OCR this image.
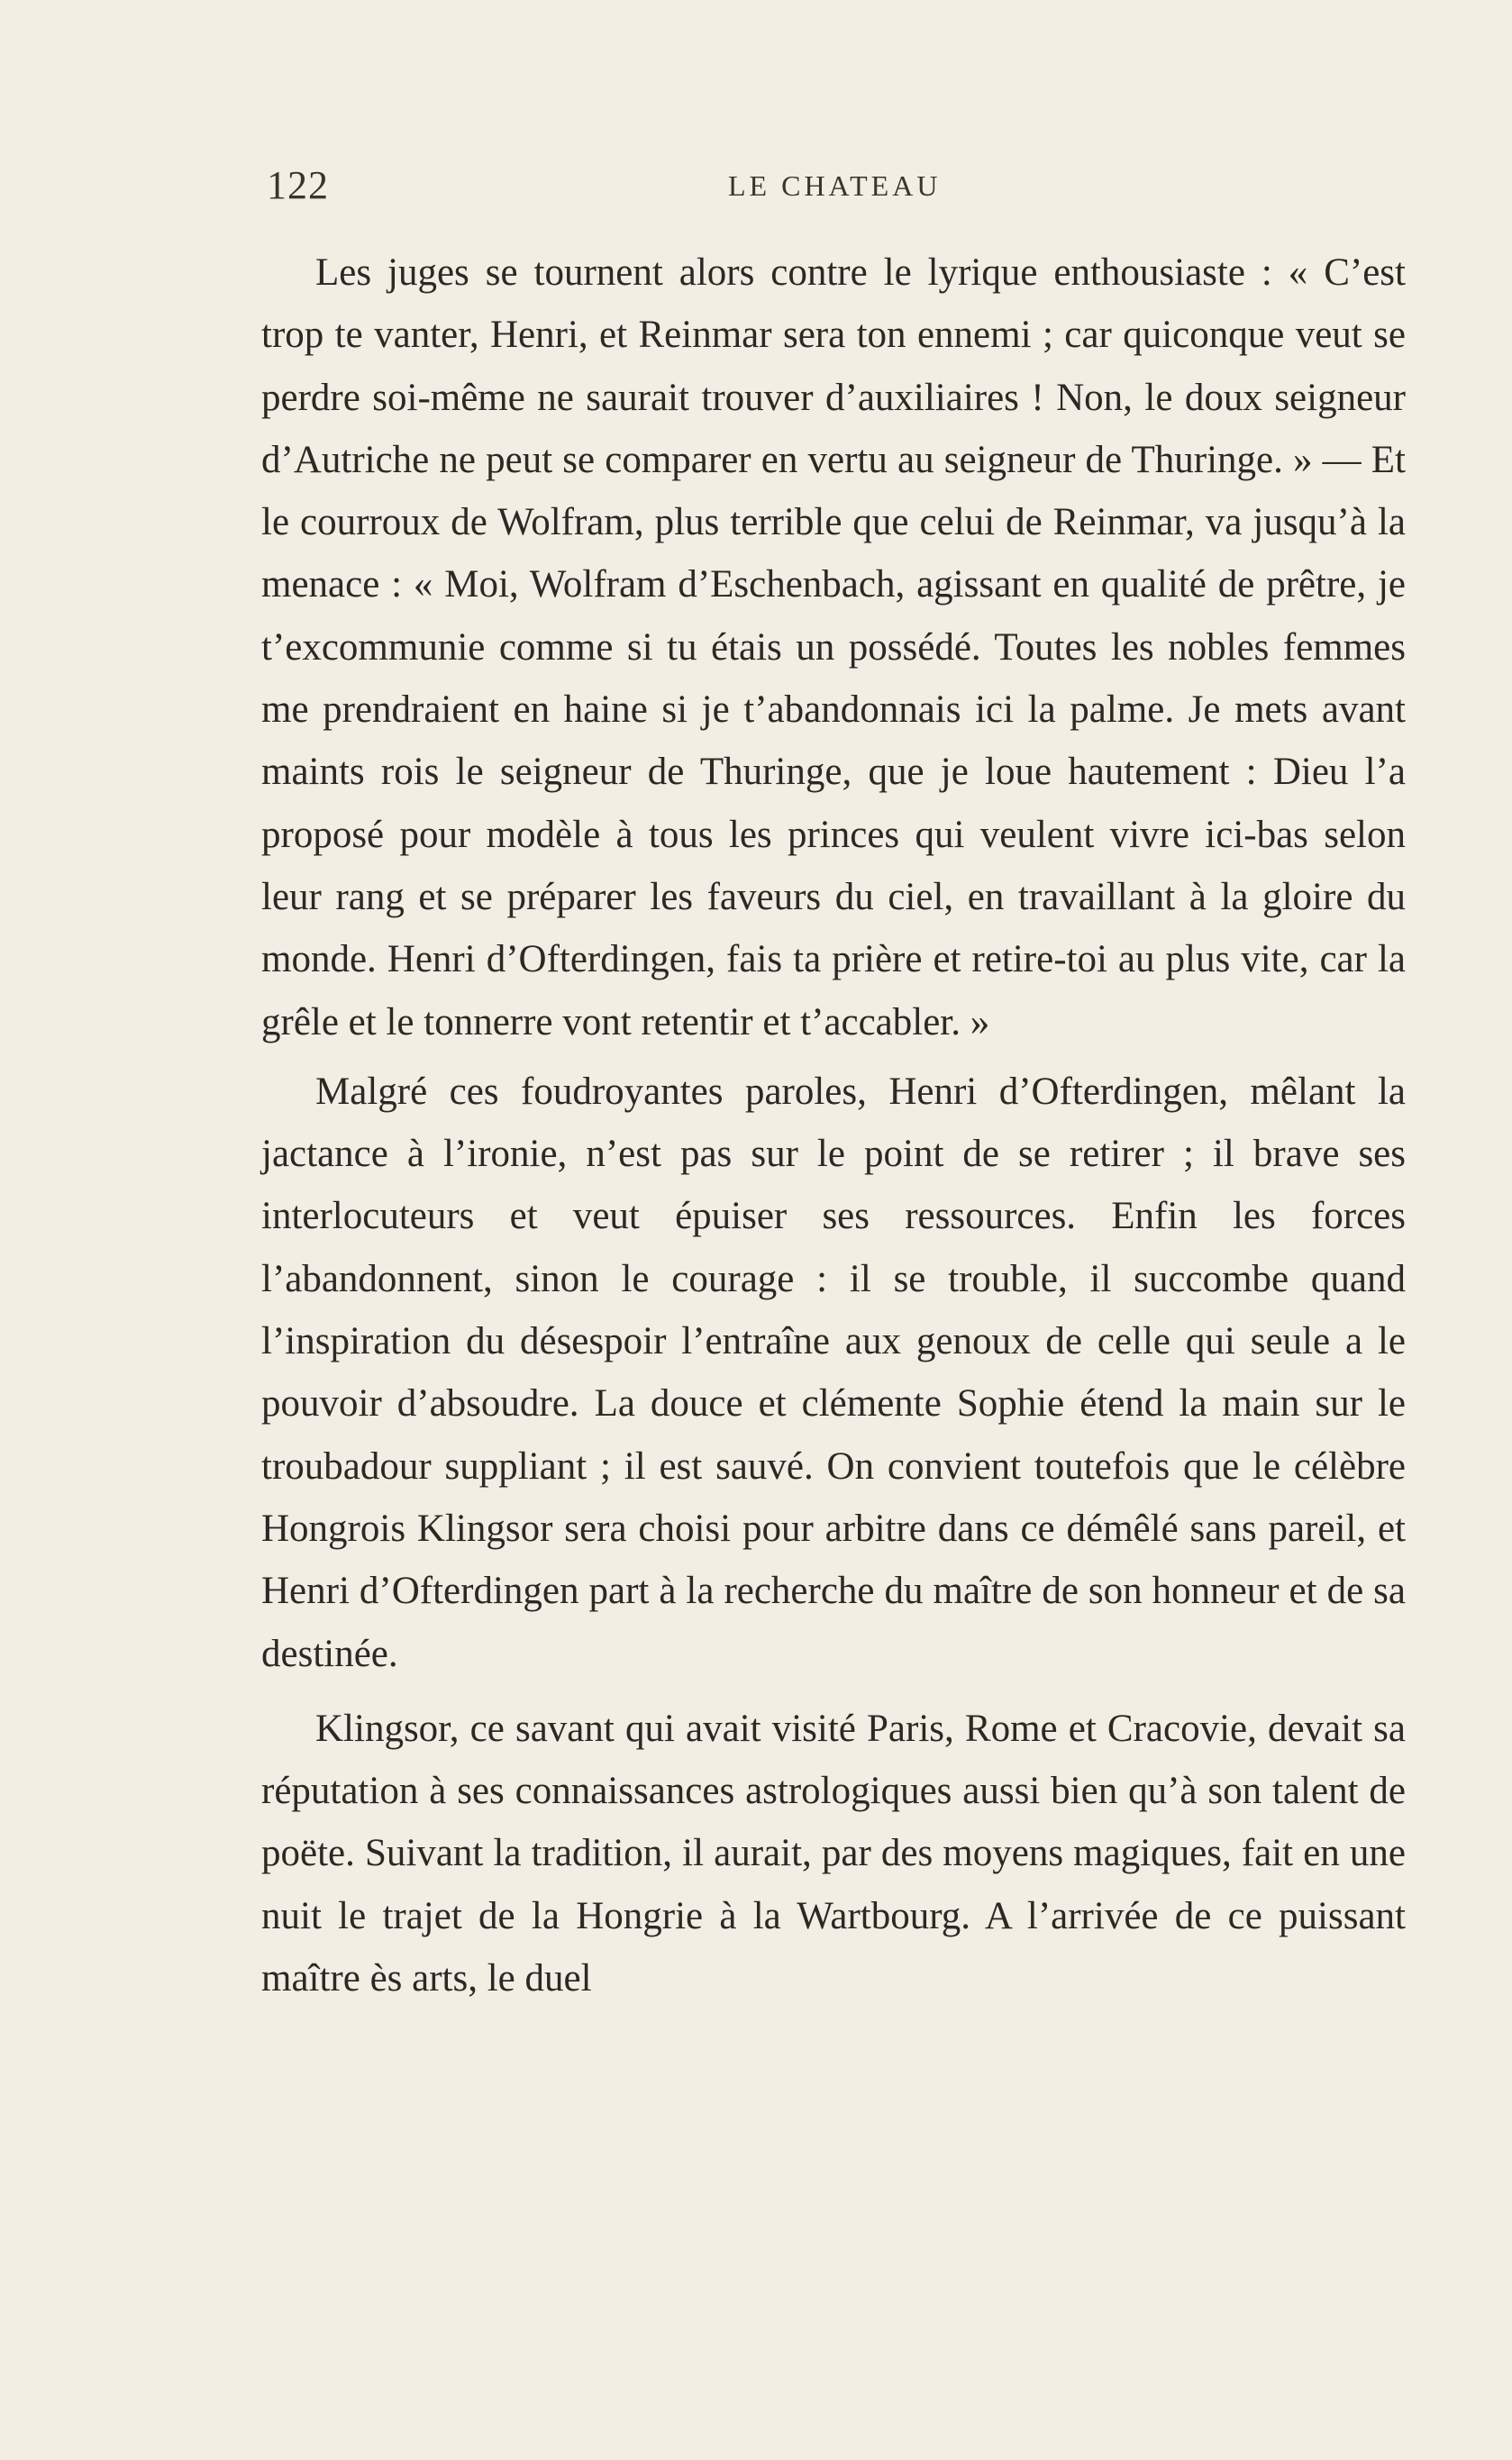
122	LE CHATEAU

Les juges se tournent alors contre le lyrique enthousiaste : « C’est trop te vanter, Henri, et Reinmar sera ton ennemi ; car quiconque veut se perdre soi-même ne saurait trouver d’auxiliaires ! Non, le doux seigneur d’Autriche ne peut se comparer en vertu au seigneur de Thuringe. » — Et le courroux de Wolfram, plus terrible que celui de Reinmar, va jusqu’à la menace : « Moi, Wolfram d’Eschenbach, agissant en qualité de prêtre, je t’excommunie comme si tu étais un possédé. Toutes les nobles femmes me prendraient en haine si je t’abandonnais ici la palme. Je mets avant maints rois le seigneur de Thuringe, que je loue hautement : Dieu l’a proposé pour modèle à tous les princes qui veulent vivre ici-bas selon leur rang et se préparer les faveurs du ciel, en travaillant à la gloire du monde. Henri d’Ofterdingen, fais ta prière et retire-toi au plus vite, car la grêle et le tonnerre vont retentir et t’accabler. »

Malgré ces foudroyantes paroles, Henri d’Ofterdingen, mêlant la jactance à l’ironie, n’est pas sur le point de se retirer ; il brave ses interlocuteurs et veut épuiser ses ressources. Enfin les forces l’abandonnent, sinon le courage : il se trouble, il succombe quand l’inspiration du désespoir l’entraîne aux genoux de celle qui seule a le pouvoir d’absoudre. La douce et clémente Sophie étend la main sur le troubadour suppliant ; il est sauvé. On convient toutefois que le célèbre Hongrois Klingsor sera choisi pour arbitre dans ce démêlé sans pareil, et Henri d’Ofterdingen part à la recherche du maître de son honneur et de sa destinée.

Klingsor, ce savant qui avait visité Paris, Rome et Cracovie, devait sa réputation à ses connaissances astrologiques aussi bien qu’à son talent de poëte. Suivant la tradition, il aurait, par des moyens magiques, fait en une nuit le trajet de la Hongrie à la Wartbourg. A l’arrivée de ce puissant maître ès arts, le duel
